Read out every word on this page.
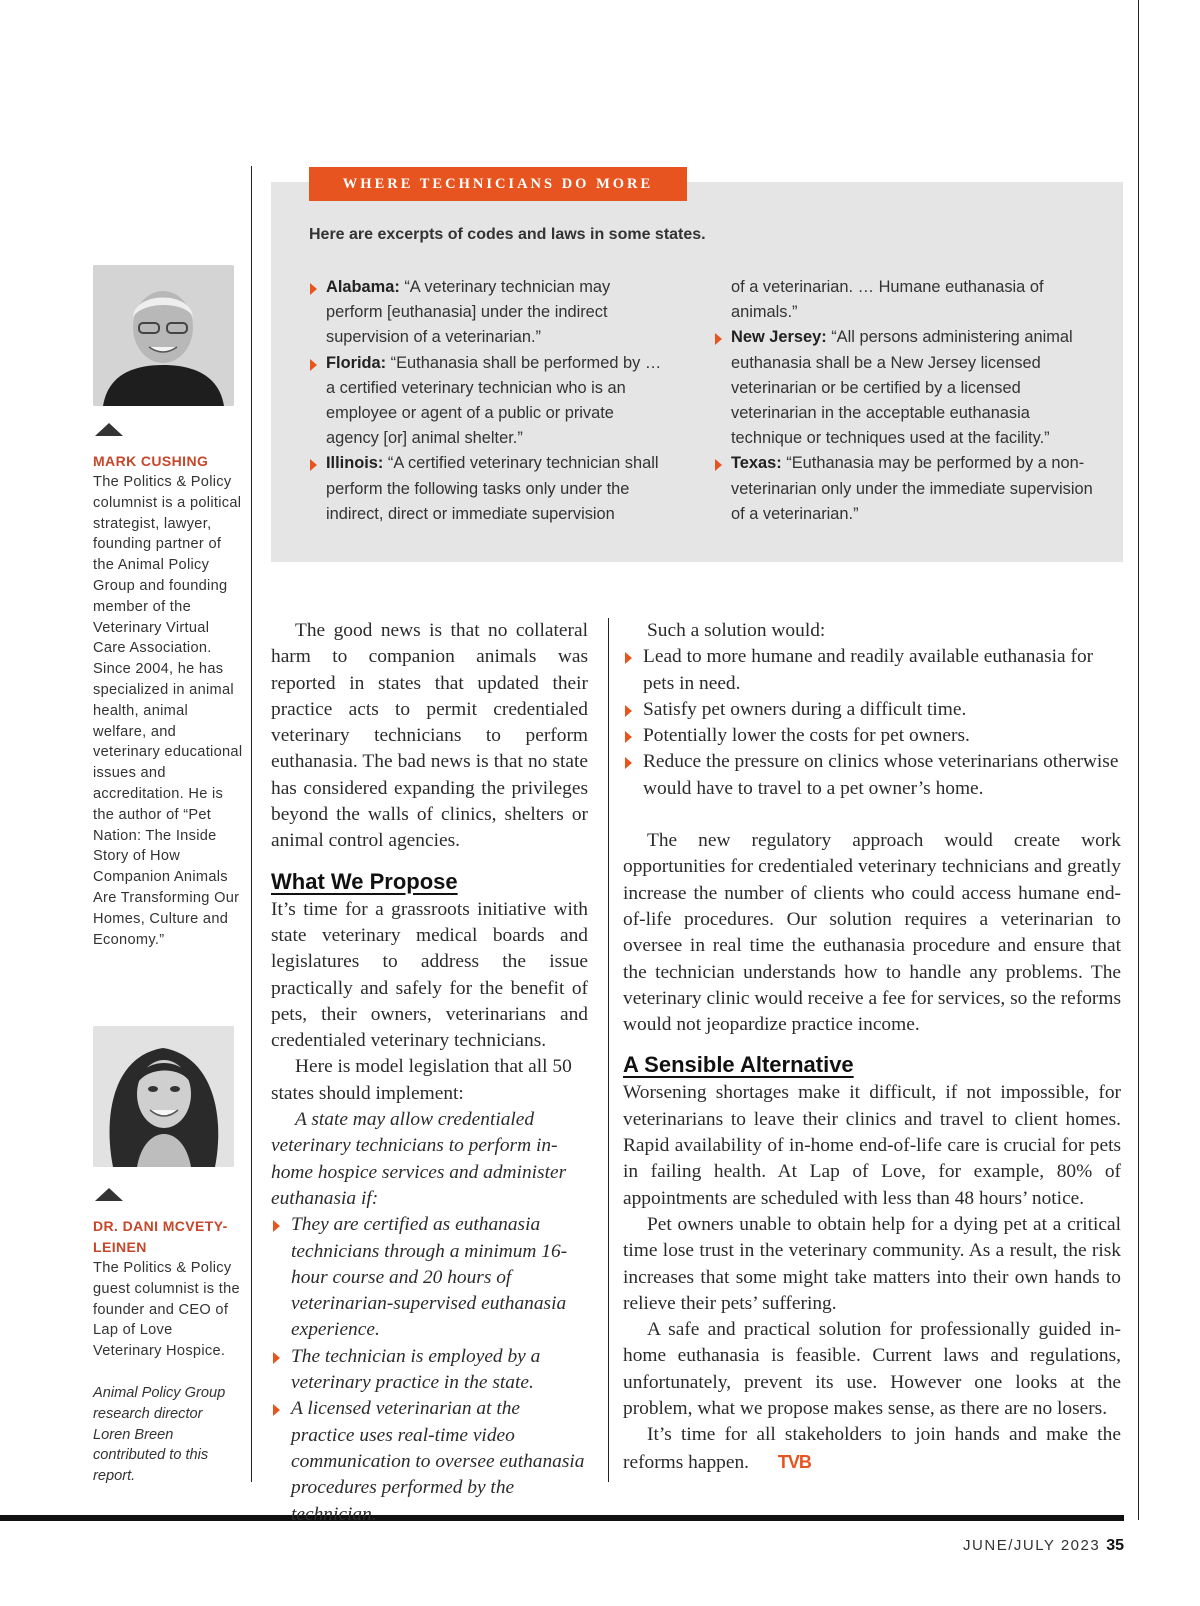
MARK CUSHING
The Politics & Policy columnist is a political strategist, lawyer, founding partner of the Animal Policy Group and founding member of the Veterinary Virtual Care Association. Since 2004, he has specialized in animal health, animal welfare, and veterinary educational issues and accreditation. He is the author of “Pet Nation: The Inside Story of How Companion Animals Are Transforming Our Homes, Culture and Economy.”
DR. DANI MCVETY-LEINEN
The Politics & Policy guest columnist is the founder and CEO of Lap of Love Veterinary Hospice.
Animal Policy Group research director Loren Breen contributed to this report.
WHERE TECHNICIANS DO MORE
Here are excerpts of codes and laws in some states.
Alabama: “A veterinary technician may perform [euthanasia] under the indirect supervision of a veterinarian.”
Florida: “Euthanasia shall be performed by … a certified veterinary technician who is an employee or agent of a public or private agency [or] animal shelter.”
Illinois: “A certified veterinary technician shall perform the following tasks only under the indirect, direct or immediate supervision
of a veterinarian. … Humane euthanasia of animals.”
New Jersey: “All persons administering animal euthanasia shall be a New Jersey licensed veterinarian or be certified by a licensed veterinarian in the acceptable euthanasia technique or techniques used at the facility.”
Texas: “Euthanasia may be performed by a non-veterinarian only under the immediate supervision of a veterinarian.”

The good news is that no collateral harm to companion animals was reported in states that updated their practice acts to permit credentialed veterinary technicians to perform euthanasia. The bad news is that no state has considered expanding the privileges beyond the walls of clinics, shelters or animal control agencies.

What We Propose

It’s time for a grassroots initiative with state veterinary medical boards and legislatures to address the issue practically and safely for the benefit of pets, their owners, veterinarians and credentialed veterinary technicians.

Here is model legislation that all 50 states should implement:

A state may allow credentialed veterinary technicians to perform in-home hospice services and administer euthanasia if:

They are certified as euthanasia technicians through a minimum 16-hour course and 20 hours of veterinarian-supervised euthanasia experience.

The technician is employed by a veterinary practice in the state.

A licensed veterinarian at the practice uses real-time video communication to oversee euthanasia procedures performed by the technician.

Such a solution would:

Lead to more humane and readily available euthanasia for pets in need.

Satisfy pet owners during a difficult time.

Potentially lower the costs for pet owners.

Reduce the pressure on clinics whose veterinarians otherwise would have to travel to a pet owner’s home.

The new regulatory approach would create work opportunities for credentialed veterinary technicians and greatly increase the number of clients who could access humane end-of-life procedures. Our solution requires a veterinarian to oversee in real time the euthanasia procedure and ensure that the technician understands how to handle any problems. The veterinary clinic would receive a fee for services, so the reforms would not jeopardize practice income.

A Sensible Alternative

Worsening shortages make it difficult, if not impossible, for veterinarians to leave their clinics and travel to client homes. Rapid availability of in-home end-of-life care is crucial for pets in failing health. At Lap of Love, for example, 80% of appointments are scheduled with less than 48 hours’ notice.

Pet owners unable to obtain help for a dying pet at a critical time lose trust in the veterinary community. As a result, the risk increases that some might take matters into their own hands to relieve their pets’ suffering.

A safe and practical solution for professionally guided in-home euthanasia is feasible. Current laws and regulations, unfortunately, prevent its use. However one looks at the problem, what we propose makes sense, as there are no losers.

It’s time for all stakeholders to join hands and make the reforms happen. TVB

JUNE/JULY 2023 35
